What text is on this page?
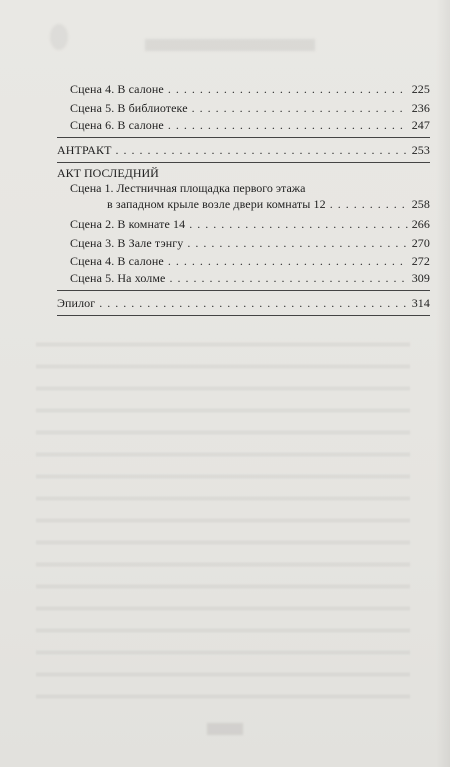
Сцена 4. В салоне . . .	225
Сцена 5. В библиотеке . . .	236
Сцена 6. В салоне . . .	247
АНТРАКТ . . .	253
АКТ ПОСЛЕДНИЙ
Сцена 1. Лестничная площадка первого этажа
в западном крыле возле двери комнаты 12 . . .	258
Сцена 2. В комнате 14 . . .	266
Сцена 3. В Зале тэнгу . . .	270
Сцена 4. В салоне . . .	272
Сцена 5. На холме . . .	309
Эпилог . . .	314
